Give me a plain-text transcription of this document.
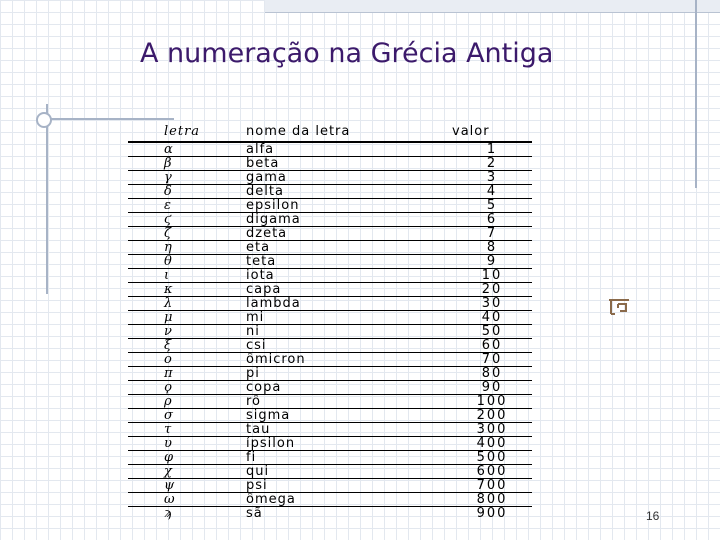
A numeração na Grécia Antiga
letra	nome da letra	valor
α	alfa	1
β	beta	2
γ	gama	3
δ	delta	4
ε	epsilon	5
ϛ	digama	6
ζ	dzeta	7
η	eta	8
θ	teta	9
ι	iota	10
κ	capa	20
λ	lambda	30
μ	mi	40
ν	ni	50
ξ	csi	60
ο	ômicron	70
π	pi	80
ϙ	copa	90
ρ	rô	100
σ	sigma	200
τ	tau	300
υ	ípsilon	400
φ	fi	500
χ	qui	600
ψ	psi	700
ω	ômega	800
ϡ	sã	900	16
